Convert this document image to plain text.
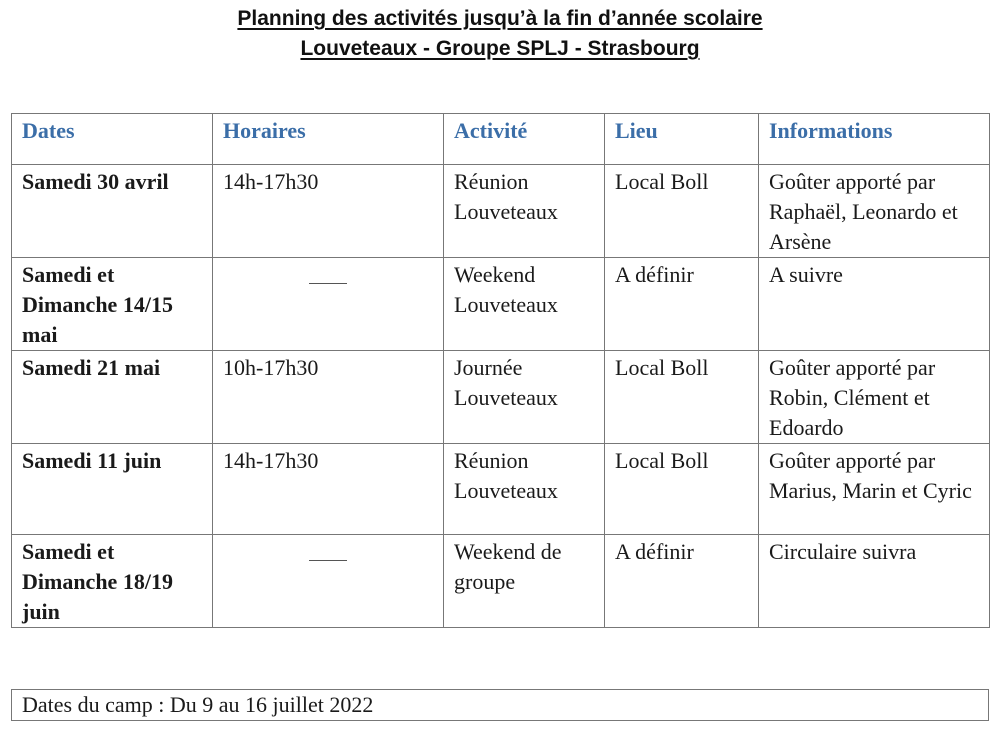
Planning des activités jusqu’à la fin d’année scolaire
Louveteaux - Groupe SPLJ - Strasbourg
Dates	Horaires	Activité	Lieu	Informations
Samedi 30 avril	14h-17h30	Réunion Louveteaux	Local Boll	Goûter apporté par Raphaël, Leonardo et Arsène
Samedi et Dimanche 14/15 mai		Weekend Louveteaux	A définir	A suivre
Samedi 21 mai	10h-17h30	Journée Louveteaux	Local Boll	Goûter apporté par Robin, Clément et Edoardo
Samedi 11 juin	14h-17h30	Réunion Louveteaux	Local Boll	Goûter apporté par Marius, Marin et Cyric
Samedi et Dimanche 18/19 juin		Weekend de groupe	A définir	Circulaire suivra
Dates du camp : Du 9 au 16 juillet 2022
